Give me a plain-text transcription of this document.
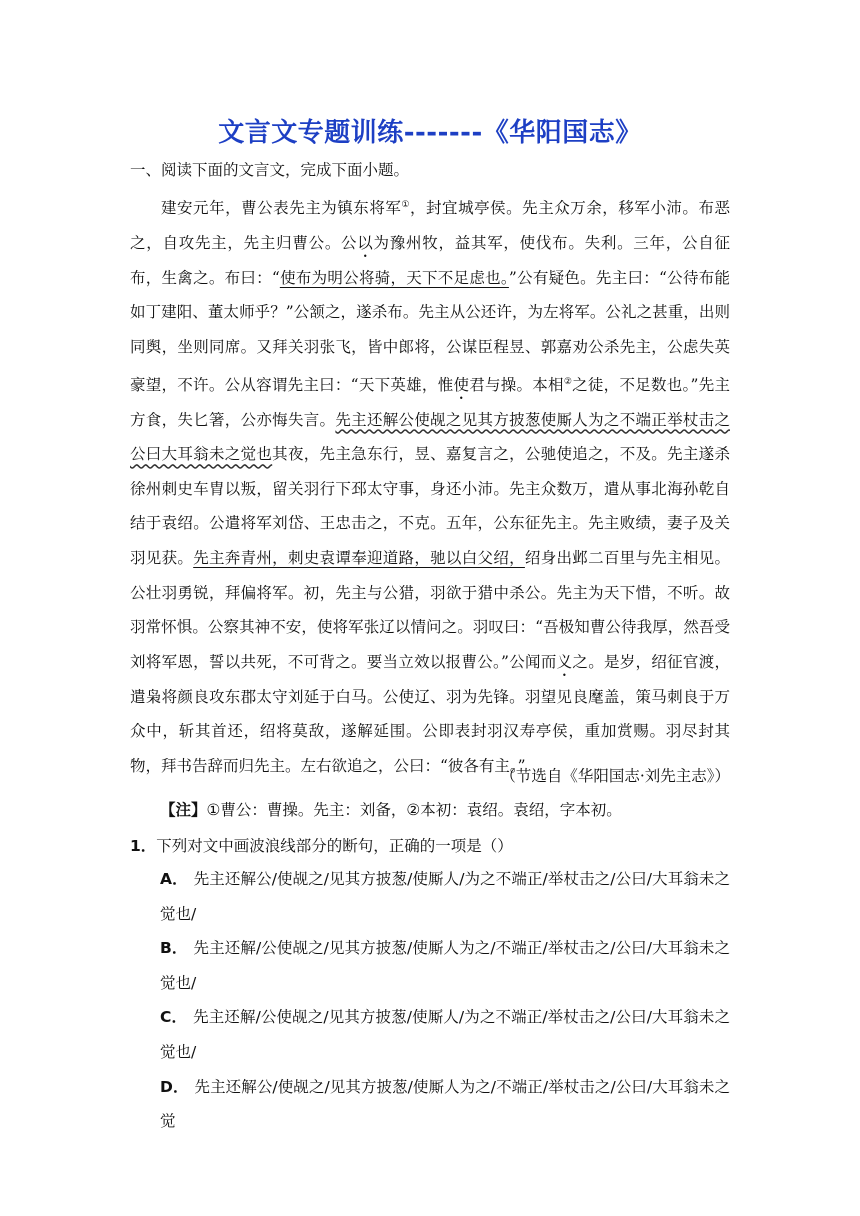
文言文专题训练-------《华阳国志》
一、阅读下面的文言文，完成下面小题。

建安元年，曹公表先主为镇东将军①，封宜城亭侯。先主众万余，移军小沛。布恶之，自攻先主，先主归曹公。公以为豫州牧，益其军，使伐布。失利。三年，公自征布，生禽之。布曰：“使布为明公将骑，天下不足虑也。”公有疑色。先主曰：“公待布能如丁建阳、董太师乎？”公颔之，遂杀布。先主从公还许，为左将军。公礼之甚重，出则同舆，坐则同席。又拜关羽张飞，皆中郎将，公谋臣程昱、郭嘉劝公杀先主，公虑失英豪望，不许。公从容谓先主曰：“天下英雄，惟使君与操。本相②之徒，不足数也。”先主方食，失匕箸，公亦悔失言。先主还解公使觇之见其方披葱使厮人为之不端正举杖击之公曰大耳翁未之觉也其夜，先主急东行，昱、嘉复言之，公驰使追之，不及。先主遂杀徐州刺史车胄以叛，留关羽行下邳太守事，身还小沛。先主众数万，遣从事北海孙乾自结于袁绍。公遣将军刘岱、王忠击之，不克。五年，公东征先主。先主败绩，妻子及关羽见获。先主奔青州，刺史袁谭奉迎道路，驰以白父绍，绍身出邺二百里与先主相见。公壮羽勇锐，拜偏将军。初，先主与公猎，羽欲于猎中杀公。先主为天下惜，不听。故羽常怀惧。公察其神不安，使将军张辽以情问之。羽叹曰：“吾极知曹公待我厚，然吾受刘将军恩，誓以共死，不可背之。要当立效以报曹公。”公闻而义之。是岁，绍征官渡，遣枭将颜良攻东郡太守刘延于白马。公使辽、羽为先锋。羽望见良麾盖，策马刺良于万众中，斩其首还，绍将莫敌，遂解延围。公即表封羽汉寿亭侯，重加赏赐。羽尽封其物，拜书告辞而归先主。左右欲追之，公曰：“彼各有主。”

（节选自《华阳国志·刘先主志》）
【注】①曹公：曹操。先主：刘备，②本初：袁绍。袁绍，字本初。
1．下列对文中画波浪线部分的断句，正确的一项是（）

A． 先主还解公/使觇之/见其方披葱/使厮人/为之不端正/举杖击之/公曰/大耳翁未之觉也/

B． 先主还解/公使觇之/见其方披葱/使厮人为之/不端正/举杖击之/公曰/大耳翁未之觉也/

C． 先主还解/公使觇之/见其方披葱/使厮人/为之不端正/举杖击之/公曰/大耳翁未之觉也/

D． 先主还解公/使觇之/见其方披葱/使厮人为之/不端正/举杖击之/公曰/大耳翁未之觉
